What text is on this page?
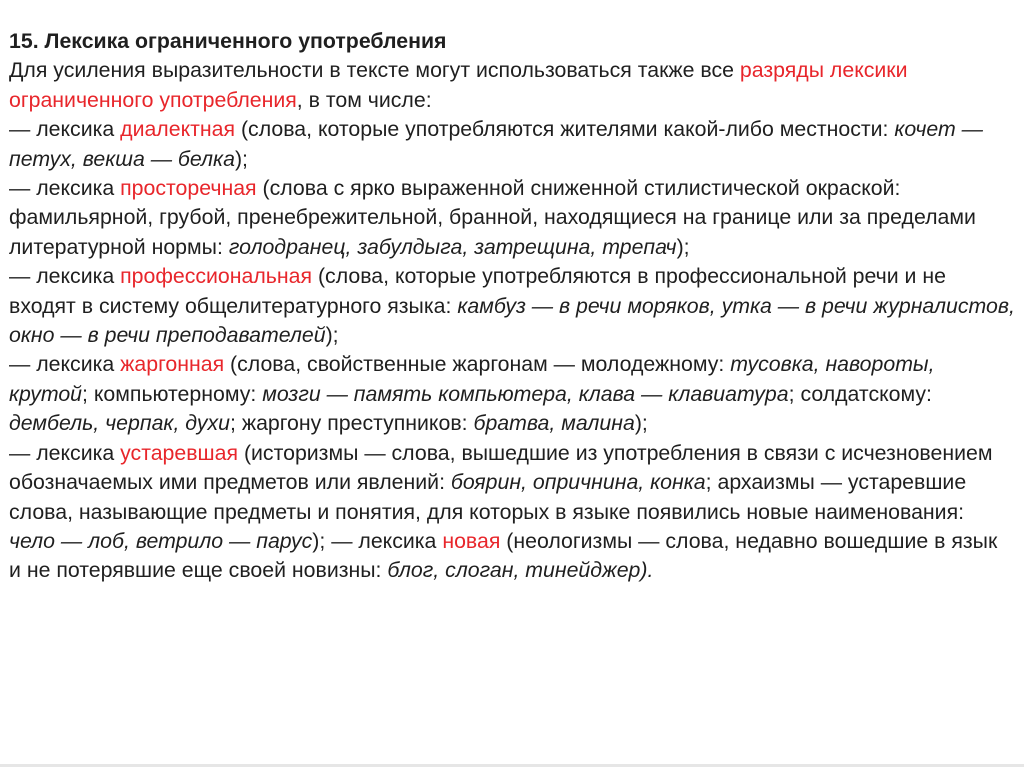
15. Лексика ограниченного употребления
Для усиления выразительности в тексте могут использоваться также все разряды лексики ограниченного употребления, в том числе:
— лексика диалектная (слова, которые употребляются жителями какой-либо местности: кочет — петух, векша — белка);
— лексика просторечная (слова с ярко выраженной сниженной стилистической окраской: фамильярной, грубой, пренебрежительной, бранной, находящиеся на границе или за пределами литературной нормы: голодранец, забулдыга, затрещина, трепач);
— лексика профессиональная (слова, которые употребляются в профессиональной речи и не входят в систему общелитературного языка: камбуз — в речи моряков, утка — в речи журналистов, окно — в речи преподавателей);
— лексика жаргонная (слова, свойственные жаргонам — молодежному: тусовка, навороты, крутой; компьютерному: мозги — память компьютера, клава — клавиатура; солдатскому: дембель, черпак, духи; жаргону преступников: братва, малина);
— лексика устаревшая (историзмы — слова, вышедшие из употребления в связи с исчезновением обозначаемых ими предметов или явлений: боярин, опричнина, конка; архаизмы — устаревшие слова, называющие предметы и понятия, для которых в языке появились новые наименования: чело — лоб, ветрило — парус); — лексика новая (неологизмы — слова, недавно вошедшие в язык и не потерявшие еще своей новизны: блог, слоган, тинейджер).
